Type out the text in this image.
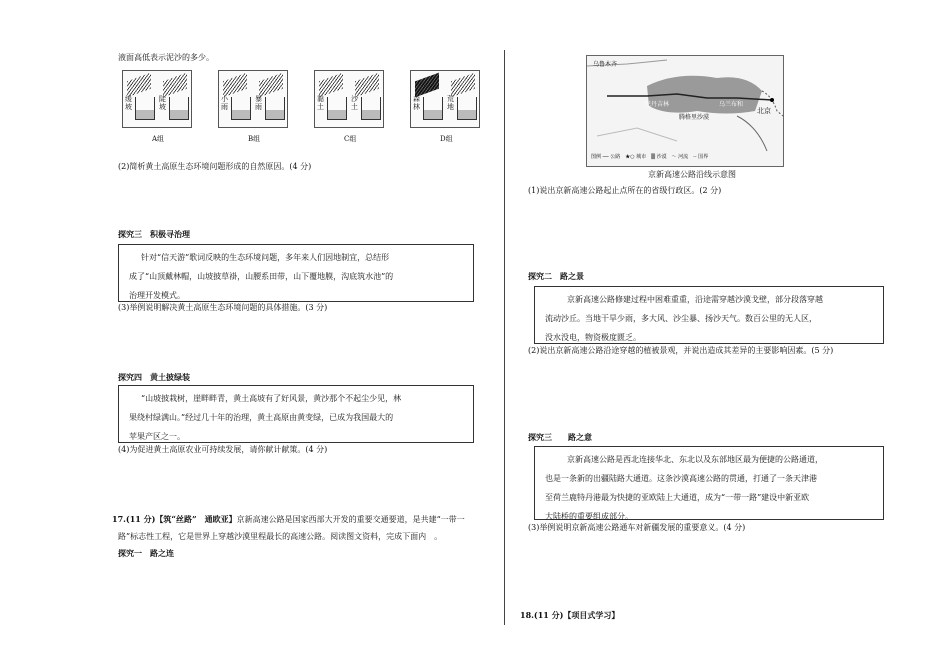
液面高低表示泥沙的多少。
缓坡
陡坡
小雨
暴雨
黏土
沙土
森林
荒地
A组	B组	C组	D组
(2)简析黄土高原生态环境问题形成的自然原因。(4 分)
探究三　积极寻治理

针对“信天游”歌词反映的生态环境问题，多年来人们因地制宜，总结形

成了“山顶戴林帽，山坡披草褂，山腰系田带，山下覆地膜，沟底筑水池”的

治理开发模式。

(3)举例说明解决黄土高原生态环境问题的具体措施。(3 分)
探究四　黄土披绿装

“山坡披栽树，崖畔畔青，黄土高坡有了好风景，黄沙那个不起尘少见，林

果绕村绿满山。”经过几十年的治理，黄土高原由黄变绿，已成为我国最大的

苹果产区之一。

(4)为促进黄土高原农业可持续发展，请你献计献策。(4 分)
17.(11 分)【筑“丝路”　通欧亚】京新高速公路是国家西部大开发的重要交通要道，是共建“一带一
路”标志性工程，它是世界上穿越沙漠里程最长的高速公路。阅读图文资料，完成下面内　。
探究一　路之连
乌鲁木齐
巴丹吉林
腾格里沙漠
乌兰布和
北京
图例 ── 公路　★○ 城市　▒ 沙漠　～ 河流　-- 国界
京新高速公路沿线示意图
(1)说出京新高速公路起止点所在的省级行政区。(2 分)
探究二　路之景

京新高速公路修建过程中困难重重，沿途需穿越沙漠戈壁，部分段落穿越

流动沙丘。当地干旱少雨，多大风、沙尘暴、扬沙天气。数百公里的无人区，

没水没电，物资极度匮乏。

(2)说出京新高速公路沿途穿越的植被景观，并说出造成其差异的主要影响因素。(5 分)
探究三　　路之意

京新高速公路是西北连接华北、东北以及东部地区最为便捷的公路通道，

也是一条新的出疆陆路大通道。这条沙漠高速公路的贯通，打通了一条天津港

至荷兰鹿特丹港最为快捷的亚欧陆上大通道，成为“一带一路”建设中新亚欧

大陆桥的重要组成部分。

(3)举例说明京新高速公路通车对新疆发展的重要意义。(4 分)
18.(11 分)【项目式学习】
